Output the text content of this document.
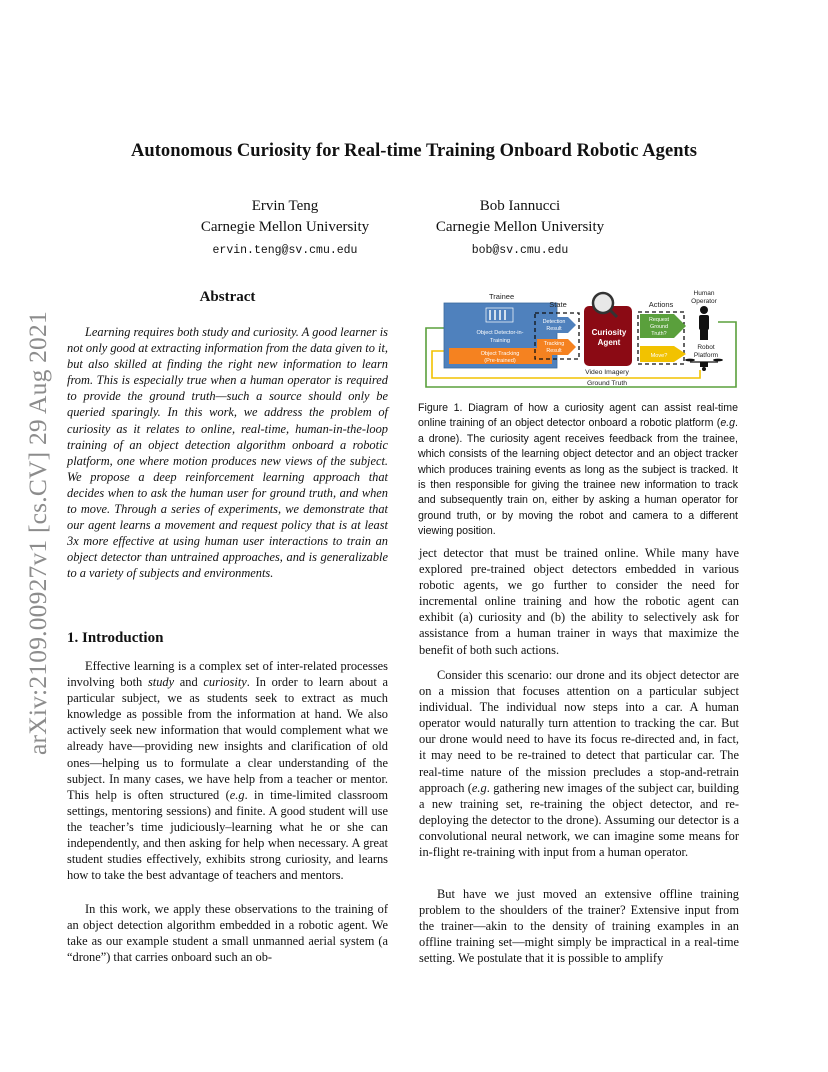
arXiv:2109.00927v1 [cs.CV] 29 Aug 2021
Autonomous Curiosity for Real-time Training Onboard Robotic Agents
Ervin Teng
Carnegie Mellon University
ervin.teng@sv.cmu.edu
Bob Iannucci
Carnegie Mellon University
bob@sv.cmu.edu
Abstract

Learning requires both study and curiosity. A good learner is not only good at extracting information from the data given to it, but also skilled at finding the right new information to learn from. This is especially true when a human operator is required to provide the ground truth—such a source should only be queried sparingly. In this work, we address the problem of curiosity as it relates to online, real-time, human-in-the-loop training of an object detection algorithm onboard a robotic platform, one where motion produces new views of the subject. We propose a deep reinforcement learning approach that decides when to ask the human user for ground truth, and when to move. Through a series of experiments, we demonstrate that our agent learns a movement and request policy that is at least 3x more effective at using human user interactions to train an object detector than untrained approaches, and is generalizable to a variety of subjects and environments.

1. Introduction

Effective learning is a complex set of inter-related processes involving both study and curiosity. In order to learn about a particular subject, we as students seek to extract as much knowledge as possible from the information at hand. We also actively seek new information that would complement what we already have—providing new insights and clarification of old ones—helping us to formulate a clear understanding of the subject. In many cases, we have help from a teacher or mentor. This help is often structured (e.g. in time-limited classroom settings, mentoring sessions) and finite. A good student will use the teacher’s time judiciously–learning what he or she can independently, and then asking for help when necessary. A great student studies effectively, exhibits strong curiosity, and learns how to take the best advantage of teachers and mentors.

In this work, we apply these observations to the training of an object detection algorithm embedded in a robotic agent. We take as our example student a small unmanned aerial system (a “drone”) that carries onboard such an ob-

Trainee
Object Detector-in-
Training
Object Tracking
(Pre-trained)
State
Detection
Result
Tracking
Result
Curiosity
Agent
Actions
Request
Ground
Truth?
Move?
Human
Operator
Robot
Platform
Video Imagery
Ground Truth

Figure 1. Diagram of how a curiosity agent can assist real-time online training of an object detector onboard a robotic platform (e.g. a drone). The curiosity agent receives feedback from the trainee, which consists of the learning object detector and an object tracker which produces training events as long as the subject is tracked. It is then responsible for giving the trainee new information to track and subsequently train on, either by asking a human operator for ground truth, or by moving the robot and camera to a different viewing position.

ject detector that must be trained online. While many have explored pre-trained object detectors embedded in various robotic agents, we go further to consider the need for incremental online training and how the robotic agent can exhibit (a) curiosity and (b) the ability to selectively ask for assistance from a human trainer in ways that maximize the benefit of both such actions.

Consider this scenario: our drone and its object detector are on a mission that focuses attention on a particular subject individual. The individual now steps into a car. A human operator would naturally turn attention to tracking the car. But our drone would need to have its focus re-directed and, in fact, it may need to be re-trained to detect that particular car. The real-time nature of the mission precludes a stop-and-retrain approach (e.g. gathering new images of the subject car, building a new training set, re-training the object detector, and re-deploying the detector to the drone). Assuming our detector is a convolutional neural network, we can imagine some means for in-flight re-training with input from a human operator.

But have we just moved an extensive offline training problem to the shoulders of the trainer? Extensive input from the trainer—akin to the density of training examples in an offline training set—might simply be impractical in a real-time setting. We postulate that it is possible to amplify
